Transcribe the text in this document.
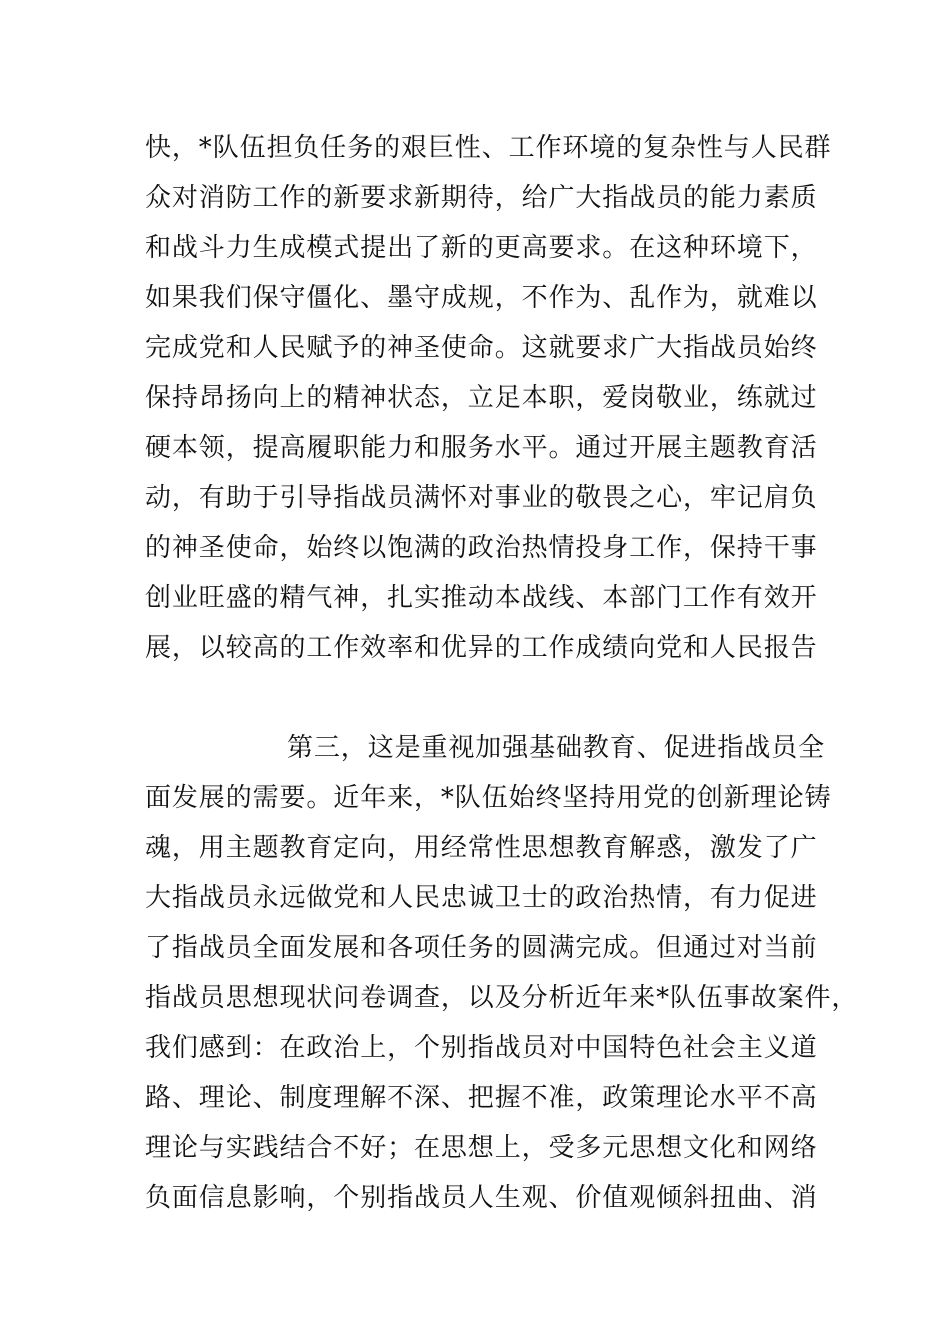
快，*队伍担负任务的艰巨性、工作环境的复杂性与人民群
众对消防工作的新要求新期待，给广大指战员的能力素质
和战斗力生成模式提出了新的更高要求。在这种环境下，
如果我们保守僵化、墨守成规，不作为、乱作为，就难以
完成党和人民赋予的神圣使命。这就要求广大指战员始终
保持昂扬向上的精神状态，立足本职，爱岗敬业，练就过
硬本领，提高履职能力和服务水平。通过开展主题教育活
动，有助于引导指战员满怀对事业的敬畏之心，牢记肩负
的神圣使命，始终以饱满的政治热情投身工作，保持干事
创业旺盛的精气神，扎实推动本战线、本部门工作有效开
展，以较高的工作效率和优异的工作成绩向党和人民报告
第三，这是重视加强基础教育、促进指战员全
面发展的需要。近年来，*队伍始终坚持用党的创新理论铸
魂，用主题教育定向，用经常性思想教育解惑，激发了广
大指战员永远做党和人民忠诚卫士的政治热情，有力促进
了指战员全面发展和各项任务的圆满完成。但通过对当前
指战员思想现状问卷调查，以及分析近年来*队伍事故案件，
我们感到：在政治上，个别指战员对中国特色社会主义道
路、理论、制度理解不深、把握不准，政策理论水平不高
理论与实践结合不好；在思想上，受多元思想文化和网络
负面信息影响，个别指战员人生观、价值观倾斜扭曲、消
